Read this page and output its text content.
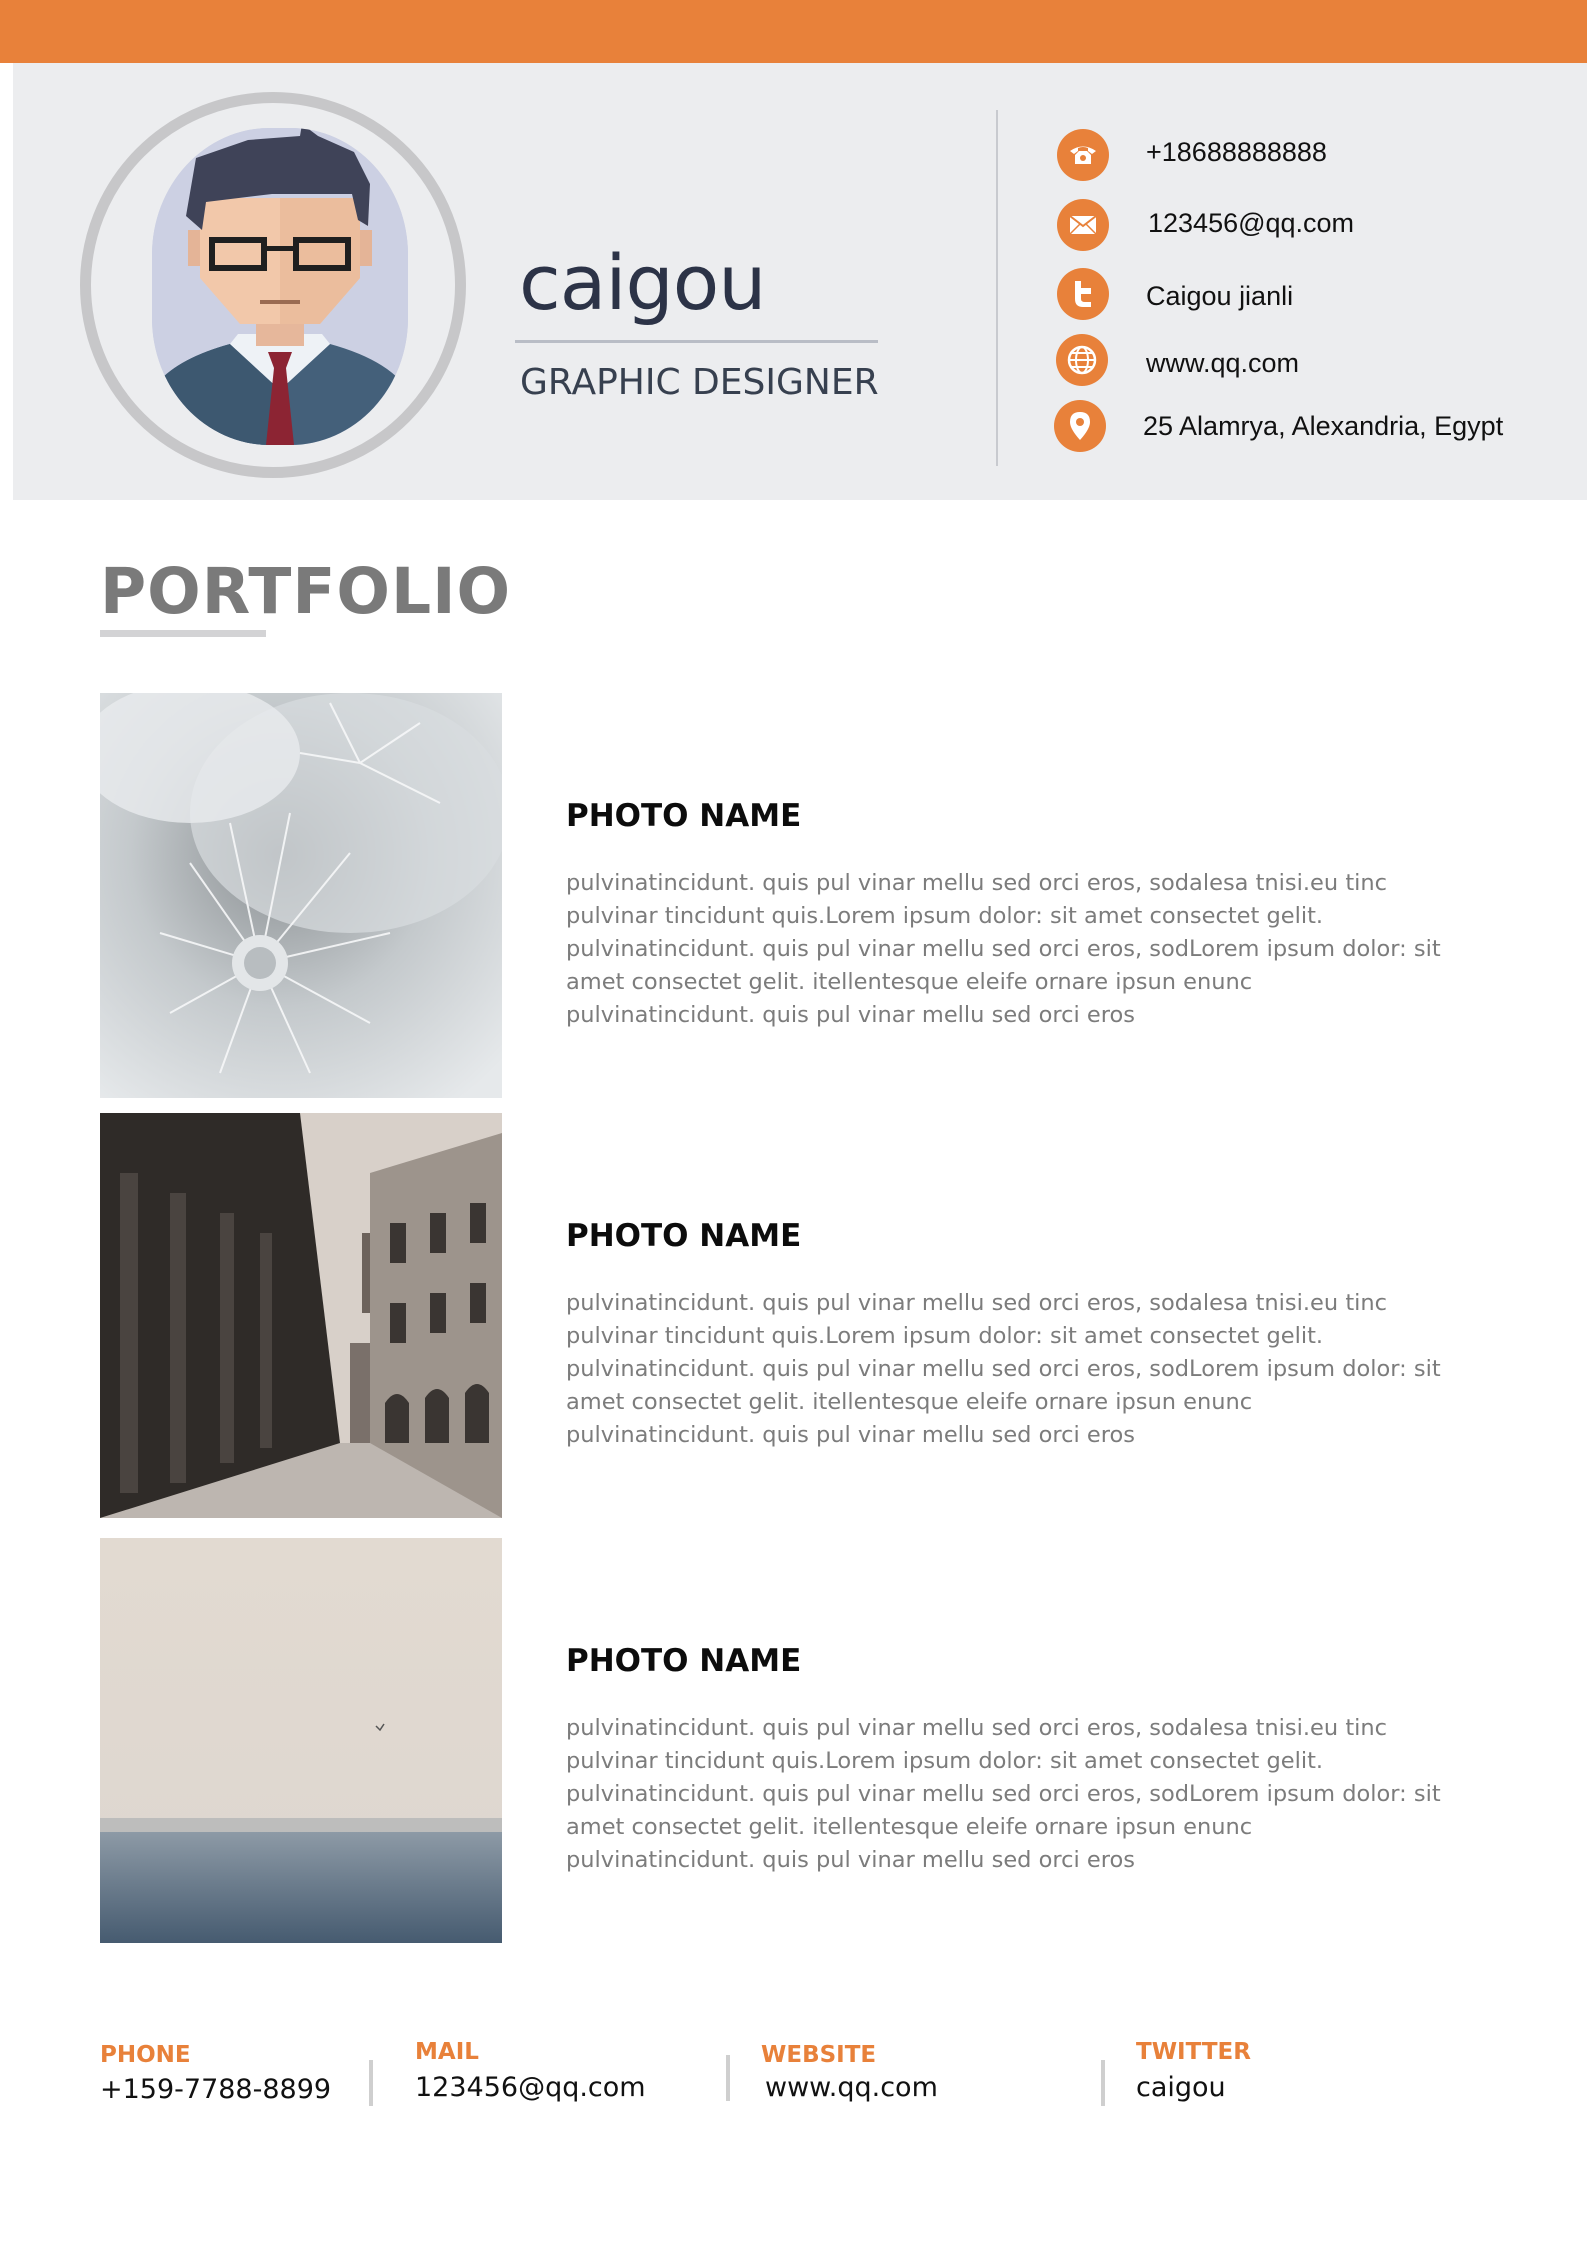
caigou
GRAPHIC DESIGNER
+18688888888
123456@qq.com
Caigou jianli
www.qq.com
25 Alamrya, Alexandria, Egypt
PORTFOLIO
PHOTO NAME
pulvinatincidunt. quis pul vinar mellu sed orci eros, sodalesa tnisi.eu tinc pulvinar tincidunt quis.Lorem ipsum dolor: sit amet consectet gelit. pulvinatincidunt. quis pul vinar mellu sed orci eros, sodLorem ipsum dolor: sit amet consectet gelit. itellentesque eleife ornare ipsun enunc pulvinatincidunt. quis pul vinar mellu sed orci eros
PHOTO NAME
pulvinatincidunt. quis pul vinar mellu sed orci eros, sodalesa tnisi.eu tinc pulvinar tincidunt quis.Lorem ipsum dolor: sit amet consectet gelit. pulvinatincidunt. quis pul vinar mellu sed orci eros, sodLorem ipsum dolor: sit amet consectet gelit. itellentesque eleife ornare ipsun enunc pulvinatincidunt. quis pul vinar mellu sed orci eros
PHOTO NAME
pulvinatincidunt. quis pul vinar mellu sed orci eros, sodalesa tnisi.eu tinc pulvinar tincidunt quis.Lorem ipsum dolor: sit amet consectet gelit. pulvinatincidunt. quis pul vinar mellu sed orci eros, sodLorem ipsum dolor: sit amet consectet gelit. itellentesque eleife ornare ipsun enunc pulvinatincidunt. quis pul vinar mellu sed orci eros
PHONE
+159-7788-8899
MAIL
123456@qq.com
WEBSITE
www.qq.com
TWITTER
caigou
